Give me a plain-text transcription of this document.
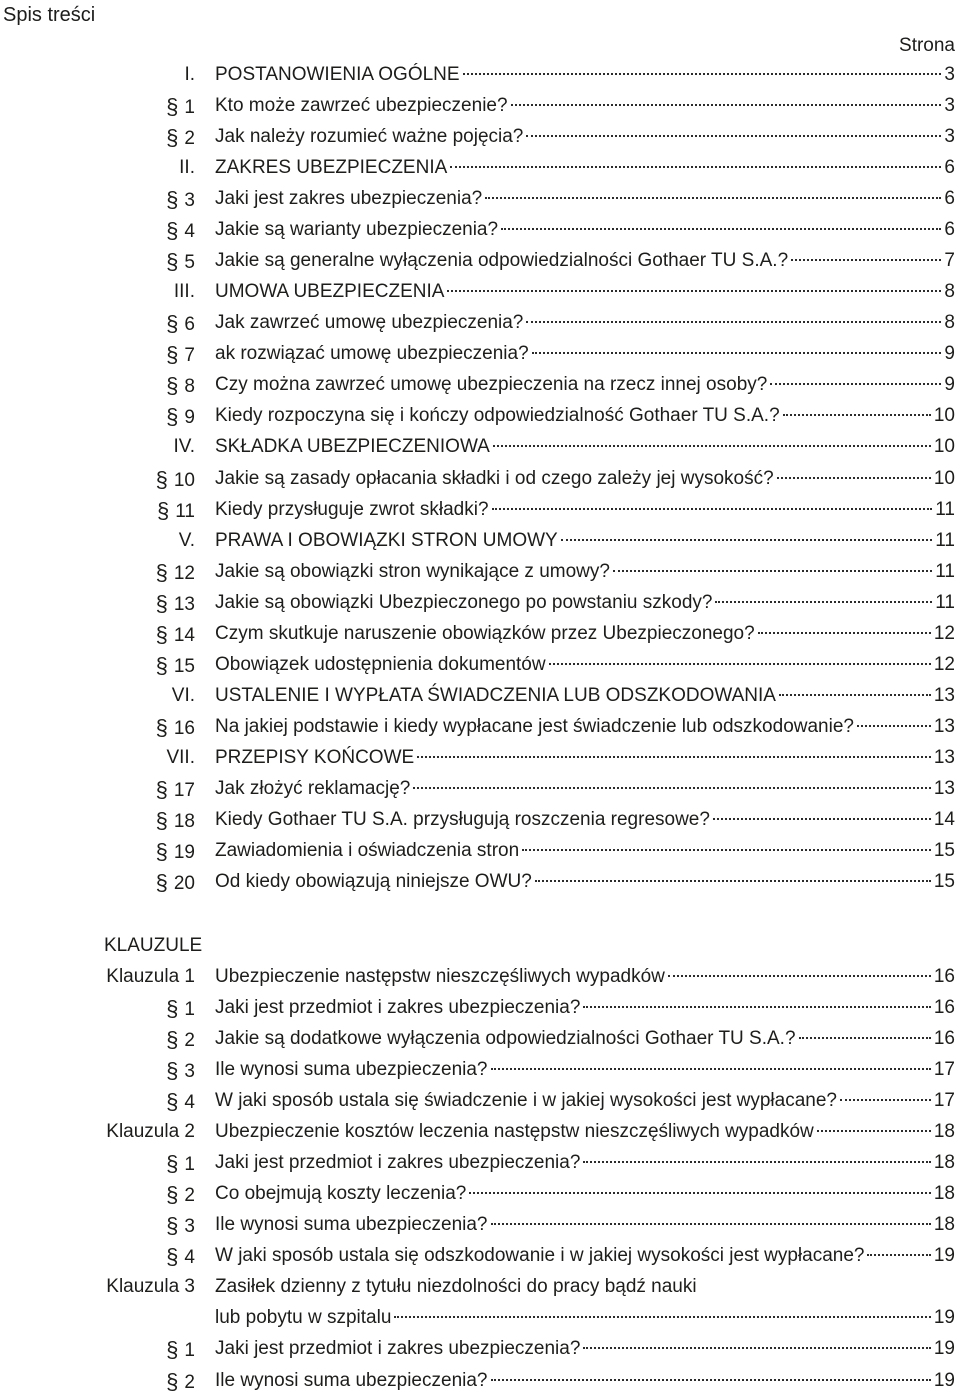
Spis treści
Strona
I. POSTANOWIENIA OGÓLNE	3
§ 1 Kto może zawrzeć ubezpieczenie?	3
§ 2 Jak należy rozumieć ważne pojęcia?	3
II. ZAKRES UBEZPIECZENIA	6
§ 3 Jaki jest zakres ubezpieczenia?	6
§ 4 Jakie są warianty ubezpieczenia?	6
§ 5 Jakie są generalne wyłączenia odpowiedzialności Gothaer TU S.A.?	7
III. UMOWA UBEZPIECZENIA	8
§ 6 Jak zawrzeć umowę ubezpieczenia?	8
§ 7 ak rozwiązać umowę ubezpieczenia?	9
§ 8 Czy można zawrzeć umowę ubezpieczenia na rzecz innej osoby?	9
§ 9 Kiedy rozpoczyna się i kończy odpowiedzialność Gothaer TU S.A.?	10
IV. SKŁADKA UBEZPIECZENIOWA	10
§ 10 Jakie są zasady opłacania składki i od czego zależy jej wysokość?	10
§ 11 Kiedy przysługuje zwrot składki?	11
V. PRAWA I OBOWIĄZKI STRON UMOWY	11
§ 12 Jakie są obowiązki stron wynikające z umowy?	11
§ 13 Jakie są obowiązki Ubezpieczonego po powstaniu szkody?	11
§ 14 Czym skutkuje naruszenie obowiązków przez Ubezpieczonego?	12
§ 15 Obowiązek udostępnienia dokumentów	12
VI. USTALENIE I WYPŁATA ŚWIADCZENIA LUB ODSZKODOWANIA	13
§ 16 Na jakiej podstawie i kiedy wypłacane jest świadczenie lub odszkodowanie?	13
VII. PRZEPISY KOŃCOWE	13
§ 17 Jak złożyć reklamację?	13
§ 18 Kiedy Gothaer TU S.A. przysługują roszczenia regresowe?	14
§ 19 Zawiadomienia i oświadczenia stron	15
§ 20 Od kiedy obowiązują niniejsze OWU?	15
KLAUZULE
Klauzula 1 Ubezpieczenie następstw nieszczęśliwych wypadków	16
§ 1 Jaki jest przedmiot i zakres ubezpieczenia?	16
§ 2 Jakie są dodatkowe wyłączenia odpowiedzialności Gothaer TU S.A.?	16
§ 3 Ile wynosi suma ubezpieczenia?	17
§ 4 W jaki sposób ustala się świadczenie i w jakiej wysokości jest wypłacane?	17
Klauzula 2 Ubezpieczenie kosztów leczenia następstw nieszczęśliwych wypadków	18
§ 1 Jaki jest przedmiot i zakres ubezpieczenia?	18
§ 2 Co obejmują koszty leczenia?	18
§ 3 Ile wynosi suma ubezpieczenia?	18
§ 4 W jaki sposób ustala się odszkodowanie i w jakiej wysokości jest wypłacane?	19
Klauzula 3 Zasiłek dzienny z tytułu niezdolności do pracy bądź nauki
lub pobytu w szpitalu	19
§ 1 Jaki jest przedmiot i zakres ubezpieczenia?	19
§ 2 Ile wynosi suma ubezpieczenia?	19
